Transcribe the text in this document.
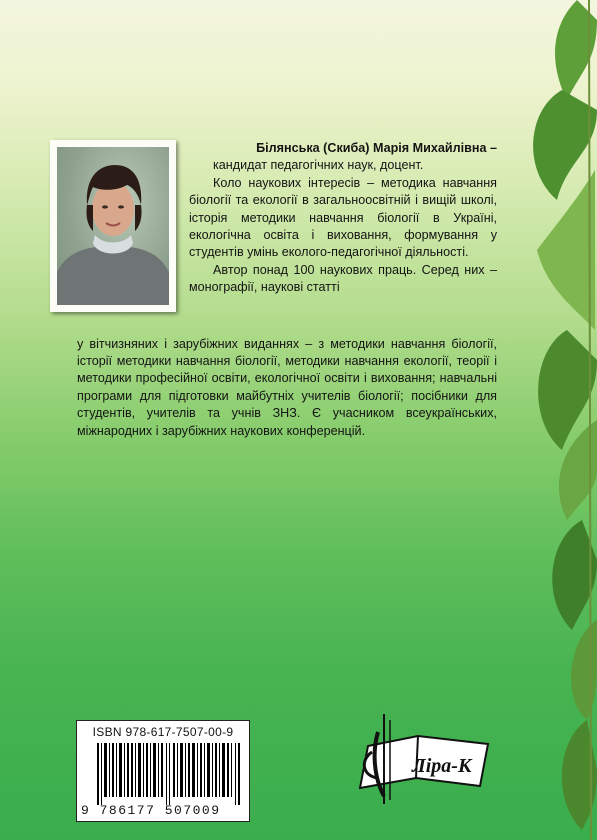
Білянська (Скиба) Марія Михайлівна –

кандидат педагогічних наук, доцент.

Коло наукових інтересів – методика навчання біології та екології в загальноосвітній і вищій школі, історія методики навчання біології в Україні, екологічна освіта і виховання, формування у студентів умінь еколого-педагогічної діяльності.

Автор понад 100 наукових праць. Серед них – монографії, наукові статті

у вітчизняних і зарубіжних виданнях – з методики навчання біології, історії методики навчання біології, методики навчання екології, теорії і методики професійної освіти, екологічної освіти і виховання; навчальні програми для підготовки майбутніх учителів біології; посібники для студентів, учителів та учнів ЗНЗ. Є учасником всеукраїнських, міжнародних і зарубіжних наукових конференцій.

ISBN 978-617-7507-00-9
9 786177 507009
Ліра-К
